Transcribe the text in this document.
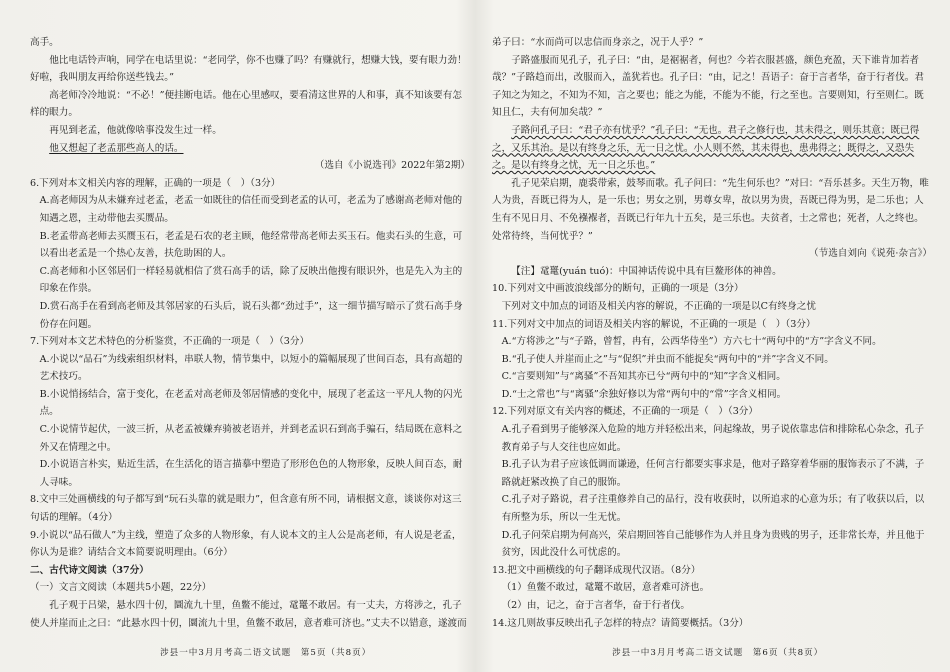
高手。

他比电话铃声响，同学在电话里说：“老同学，你不也赚了吗？有赚就行，想赚大钱，要有眼力劲！好啦，我叫朋友再给你送些钱去。”

高老师冷冷地说：“不必！”便挂断电话。他在心里感叹，要看清这世界的人和事，真不知该要有怎样的眼力。

再见到老孟，他就像啥事没发生过一样。

他又想起了老孟那些高人的话。

（选自《小说选刊》2022年第2期）

6.下列对本文相关内容的理解，正确的一项是（　）（3分）

A.高老师因为从未嫌弃过老孟，老孟一如既往的信任而受到老孟的认可，老孟为了感谢高老师对他的知遇之恩，主动带他去买赝品。

B.老孟带高老师去买赝玉石，老孟是石农的老主顾，他经常带高老师去买玉石。他卖石头的生意，可以看出老孟是一个热心友善，扶危助困的人。

C.高老师和小区邻居们一样轻易就相信了赏石高手的话，除了反映出他搜有眼识外，也是先入为主的印象在作祟。

D.赏石高手在看到高老师及其邻居家的石头后，说石头都“劲过手”，这一细节描写暗示了赏石高手身份存在问题。

7.下列对本文艺术特色的分析鉴赏，不正确的一项是（　）（3分）

A.小说以“品石”为线索组织材料，串联人物，情节集中，以短小的篇幅展现了世间百态，具有高超的艺术技巧。

B.小说悄扬结合，富于变化，在老孟对高老师及邻居情感的变化中，展现了老孟这一平凡人物的闪光点。

C.小说情节起伏，一波三折，从老孟被嫌弃骑被老语并，并到老孟识石到高手骗石，结局既在意料之外又在情理之中。

D.小说语言朴实，贴近生活，在生活化的语言描摹中塑造了形形色色的人物形象，反映人间百态，耐人寻味。

8.文中三处画横线的句子都写到“玩石头靠的就是眼力”，但含意有所不同，请根据文意，谈谈你对这三句话的理解。（4分）

9.小说以“品石做人”为主线，塑造了众多的人物形象，有人说本文的主人公是高老师，有人说是老孟，你认为是谁？请结合文本简要说明理由。（6分）

二、古代诗文阅读（37分）

（一）文言文阅读（本题共5小题，22分）

孔子观于吕梁，悬水四十仞，圜流九十里，鱼鳖不能过，鼋鼍不敢居。有一丈夫，方将涉之，孔子使人并崖而止之曰：“此悬水四十仞，圜流九十里，鱼鳖不敢居，意者难可济也。”丈夫不以错意，遂渡而

涉县一中3月月考高二语文试题　第5页（共8页）

弟子曰：“水而尚可以忠信而身亲之，况于人乎？”

子路盛服而见孔子，孔子曰：“由，是裾裾者，何也？今若衣服甚盛，颜色充盈，天下谁肯加若者哉？”子路趋而出，改服而入，盖犹若也。孔子曰：“由，记之！吾语子：奋于言者华，奋于行者伐。君子知之为知之，不知为不知，言之要也；能之为能，不能为不能，行之至也。言要则知，行至则仁。既知且仁，夫有何加矣哉？”

子路问孔子曰：“君子亦有忧乎？”孔子曰：“无也。君子之修行也，其未得之，则乐其意；既已得之，又乐其治。是以有终身之乐，无一日之忧。小人则不然，其未得也，患弗得之；既得之，又恐失之。是以有终身之忧，无一日之乐也。”

孔子见荣启期，鹿裘带索，鼓琴而歌。孔子问曰：“先生何乐也？”对曰：“吾乐甚多。天生万物，唯人为贵，吾既已得为人，是一乐也；男女之别，男尊女卑，故以男为贵，吾既已得为男，是二乐也；人生有不见日月、不免襁褓者，吾既已行年九十五矣，是三乐也。夫贫者，士之常也；死者，人之终也。处常待终，当何忧乎？”

（节选自刘向《说苑·杂言》）

【注】鼋鼍(yuán tuó)：中国神话传说中具有巨鳌形体的神兽。

10.下列对文中画波浪线部分的断句，正确的一项是（3分）

下列对文中加点的词语及相关内容的解说，不正确的一项是以C有终身之忧

11.下列对文中加点的词语及相关内容的解说，不正确的一项是（　）（3分）

A.“方将涉之”与“子路，曾晳，冉有，公西华侍坐”）方六七十“两句中的“方”字含义不同。

B.“孔子使人并崖而止之”与“促织”并虫而不能捉矣“两句中的“并”字含义不同。

C.“言要则知”与“离骚”不吾知其亦已兮“两句中的“知”字含义相同。

D.“士之常也”与“离骚”余独好修以为常“两句中的“常”字含义相同。

12.下列对原文有关内容的概述，不正确的一项是（　）（3分）

A.孔子看到男子能够深入危险的地方并轻松出来，问起缘故，男子说依靠忠信和排除私心杂念，孔子教育弟子与人交往也应如此。

B.孔子认为君子应该低调而谦逊，任何言行都要实事求是，他对子路穿着华丽的服饰表示了不满，子路就赶紧改换了自己的服饰。

C.孔子对子路说，君子注重修养自己的品行，没有收获时，以所追求的心意为乐；有了收获以后，以有所整为乐，所以一生无忧。

D.孔子问荣启期为何高兴，荣启期回答自己能够作为人并且身为贵贱的男子，还非常长寿，并且他于贫穷，因此没什么可忧虑的。

13.把文中画横线的句子翻译成现代汉语。（8分）

（1）鱼鳖不敢过，鼋鼍不敢居，意者难可济也。

（2）由，记之，奋于言者华，奋于行者伐。

14.这几则故事反映出孔子怎样的特点？请简要概括。（3分）

涉县一中3月月考高二语文试题　第6页（共8页）
